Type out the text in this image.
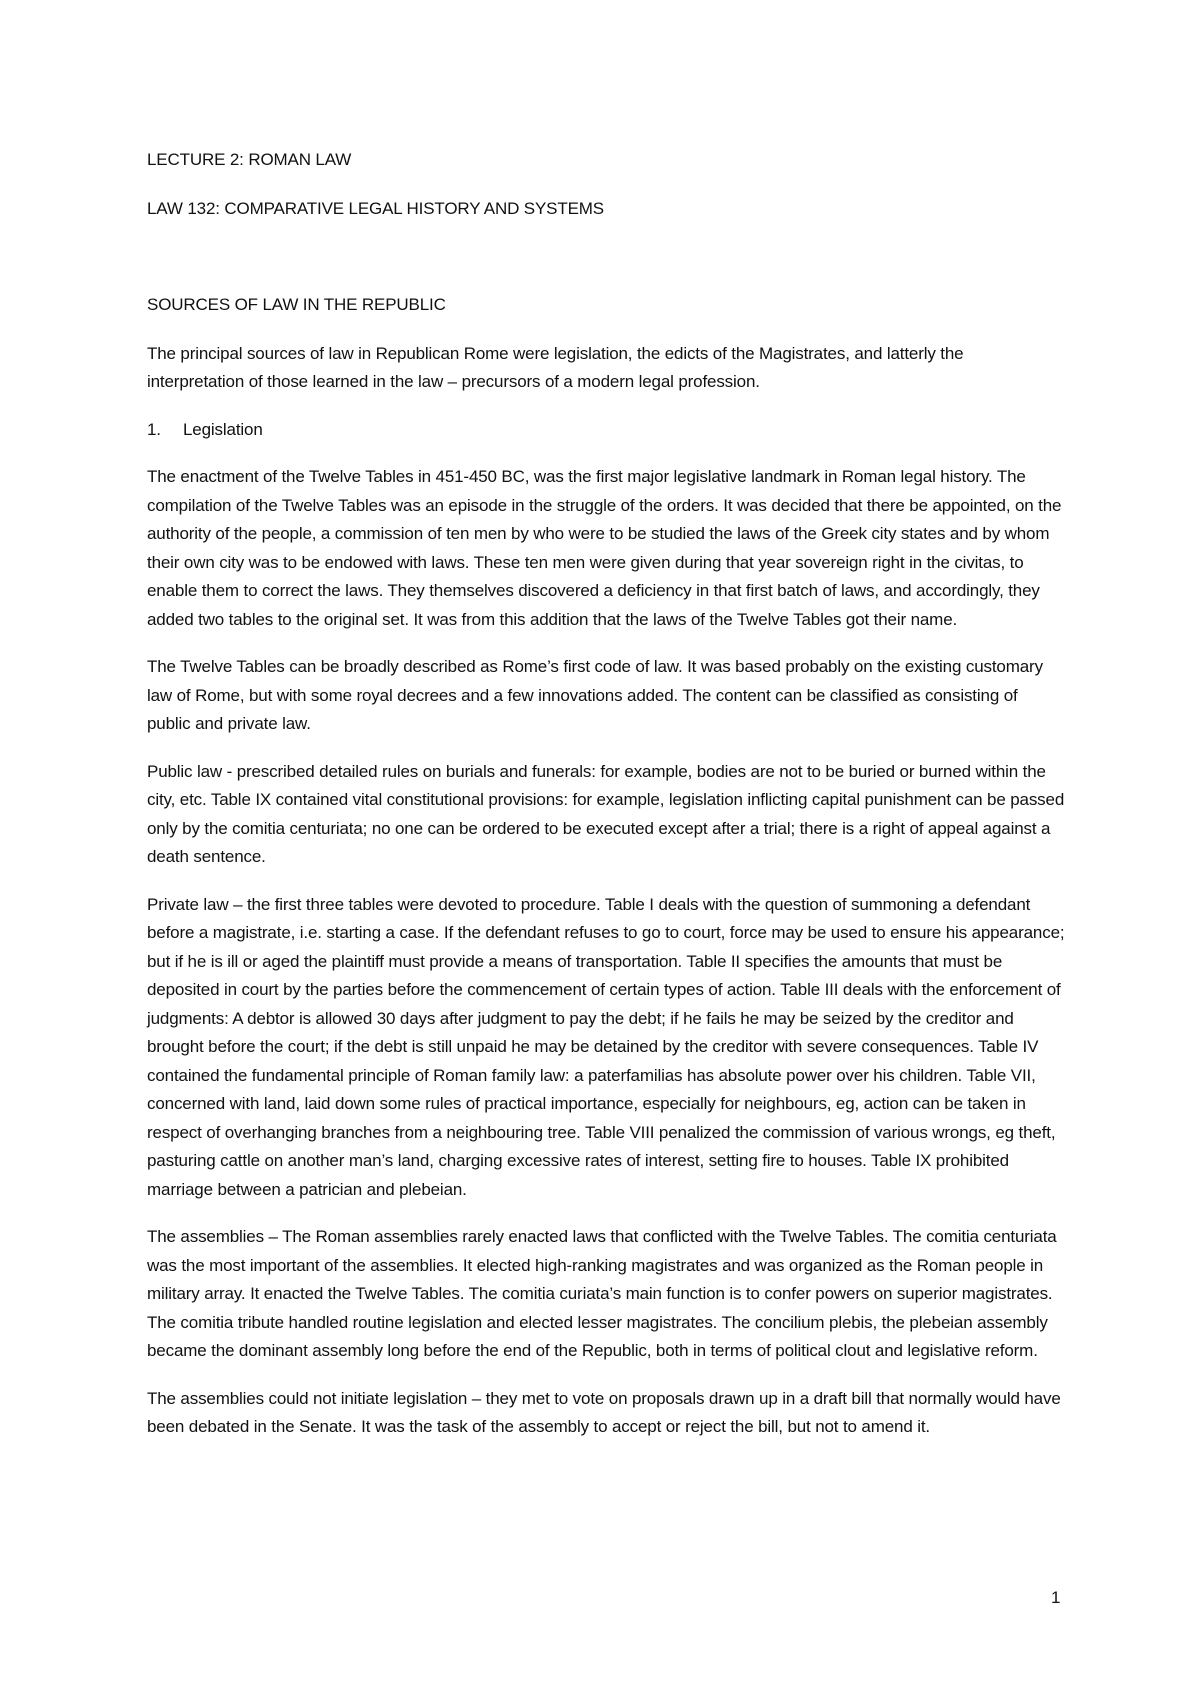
LECTURE 2: ROMAN LAW
LAW 132: COMPARATIVE LEGAL HISTORY AND SYSTEMS
SOURCES OF LAW IN THE REPUBLIC

The principal sources of law in Republican Rome were legislation, the edicts of the Magistrates, and latterly the interpretation of those learned in the law – precursors of a modern legal profession.

1.	Legislation

The enactment of the Twelve Tables in 451-450 BC, was the first major legislative landmark in Roman legal history. The compilation of the Twelve Tables was an episode in the struggle of the orders. It was decided that there be appointed, on the authority of the people, a commission of ten men by who were to be studied the laws of the Greek city states and by whom their own city was to be endowed with laws. These ten men were given during that year sovereign right in the civitas, to enable them to correct the laws. They themselves discovered a deficiency in that first batch of laws, and accordingly, they added two tables to the original set. It was from this addition that the laws of the Twelve Tables got their name.

The Twelve Tables can be broadly described as Rome’s first code of law. It was based probably on the existing customary law of Rome, but with some royal decrees and a few innovations added. The content can be classified as consisting of public and private law.

Public law - prescribed detailed rules on burials and funerals: for example, bodies are not to be buried or burned within the city, etc. Table IX contained vital constitutional provisions: for example, legislation inflicting capital punishment can be passed only by the comitia centuriata; no one can be ordered to be executed except after a trial; there is a right of appeal against a death sentence.

Private law – the first three tables were devoted to procedure. Table I deals with the question of summoning a defendant before a magistrate, i.e. starting a case. If the defendant refuses to go to court, force may be used to ensure his appearance; but if he is ill or aged the plaintiff must provide a means of transportation. Table II specifies the amounts that must be deposited in court by the parties before the commencement of certain types of action. Table III deals with the enforcement of judgments: A debtor is allowed 30 days after judgment to pay the debt; if he fails he may be seized by the creditor and brought before the court; if the debt is still unpaid he may be detained by the creditor with severe consequences. Table IV contained the fundamental principle of Roman family law: a paterfamilias has absolute power over his children. Table VII, concerned with land, laid down some rules of practical importance, especially for neighbours, eg, action can be taken in respect of overhanging branches from a neighbouring tree. Table VIII penalized the commission of various wrongs, eg theft, pasturing cattle on another man’s land, charging excessive rates of interest, setting fire to houses. Table IX prohibited marriage between a patrician and plebeian.

The assemblies – The Roman assemblies rarely enacted laws that conflicted with the Twelve Tables. The comitia centuriata was the most important of the assemblies. It elected high-ranking magistrates and was organized as the Roman people in military array. It enacted the Twelve Tables. The comitia curiata’s main function is to confer powers on superior magistrates. The comitia tribute handled routine legislation and elected lesser magistrates. The concilium plebis, the plebeian assembly became the dominant assembly long before the end of the Republic, both in terms of political clout and legislative reform.

The assemblies could not initiate legislation – they met to vote on proposals drawn up in a draft bill that normally would have been debated in the Senate. It was the task of the assembly to accept or reject the bill, but not to amend it.

1
